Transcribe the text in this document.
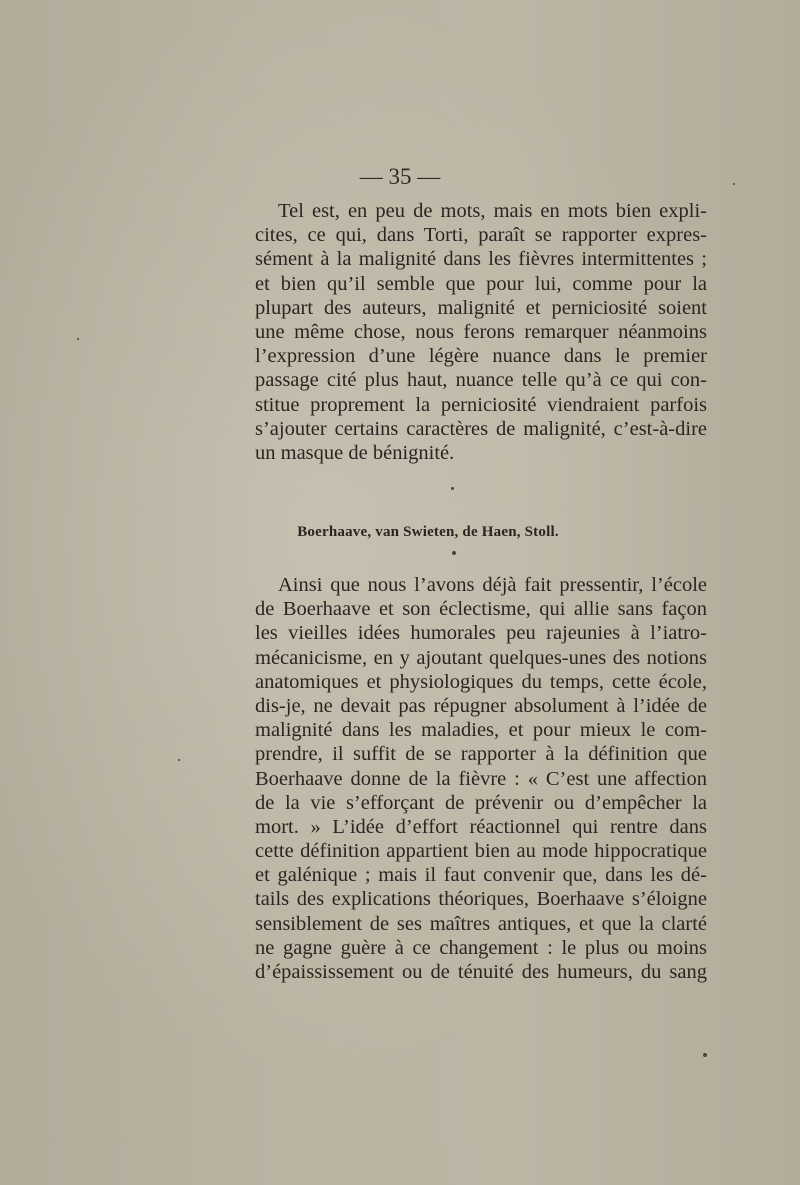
— 35 —
Tel est, en peu de mots, mais en mots bien expli-
cites, ce qui, dans Torti, paraît se rapporter expres-
sément à la malignité dans les fièvres intermittentes ;
et bien qu’il semble que pour lui, comme pour la
plupart des auteurs, malignité et perniciosité soient
une même chose, nous ferons remarquer néanmoins
l’expression d’une légère nuance dans le premier
passage cité plus haut, nuance telle qu’à ce qui con-
stitue proprement la perniciosité viendraient parfois
s’ajouter certains caractères de malignité, c’est-à-dire
un masque de bénignité.
Boerhaave, van Swieten, de Haen, Stoll.
Ainsi que nous l’avons déjà fait pressentir, l’école
de Boerhaave et son éclectisme, qui allie sans façon
les vieilles idées humorales peu rajeunies à l’iatro-
mécanicisme, en y ajoutant quelques-unes des notions
anatomiques et physiologiques du temps, cette école,
dis-je, ne devait pas répugner absolument à l’idée de
malignité dans les maladies, et pour mieux le com-
prendre, il suffit de se rapporter à la définition que
Boerhaave donne de la fièvre : « C’est une affection
de la vie s’efforçant de prévenir ou d’empêcher la
mort. » L’idée d’effort réactionnel qui rentre dans
cette définition appartient bien au mode hippocratique
et galénique ; mais il faut convenir que, dans les dé-
tails des explications théoriques, Boerhaave s’éloigne
sensiblement de ses maîtres antiques, et que la clarté
ne gagne guère à ce changement : le plus ou moins
d’épaississement ou de ténuité des humeurs, du sang
